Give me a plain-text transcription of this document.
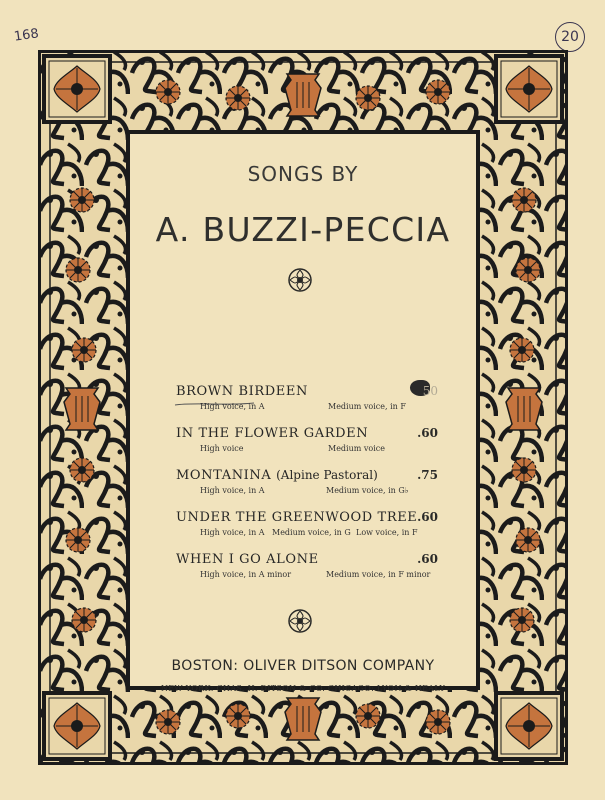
168	20
SONGS BY
A. BUZZI-PECCIA
BROWN BIRDEEN	50
High voice, in A	Medium voice, in F
IN THE FLOWER GARDEN	.60
High voice	Medium voice
MONTANINA (Alpine Pastoral)	.75
High voice, in A	Medium voice, in G♭
UNDER THE GREENWOOD TREE .60
High voice, in A Medium voice, in G Low voice, in F
WHEN I GO ALONE	.60
High voice, in A minor	Medium voice, in F minor
BOSTON: OLIVER DITSON COMPANY
NEW YORK: CHAS. H. DITSON & CO. CHICAGO: LYON & HEALY
